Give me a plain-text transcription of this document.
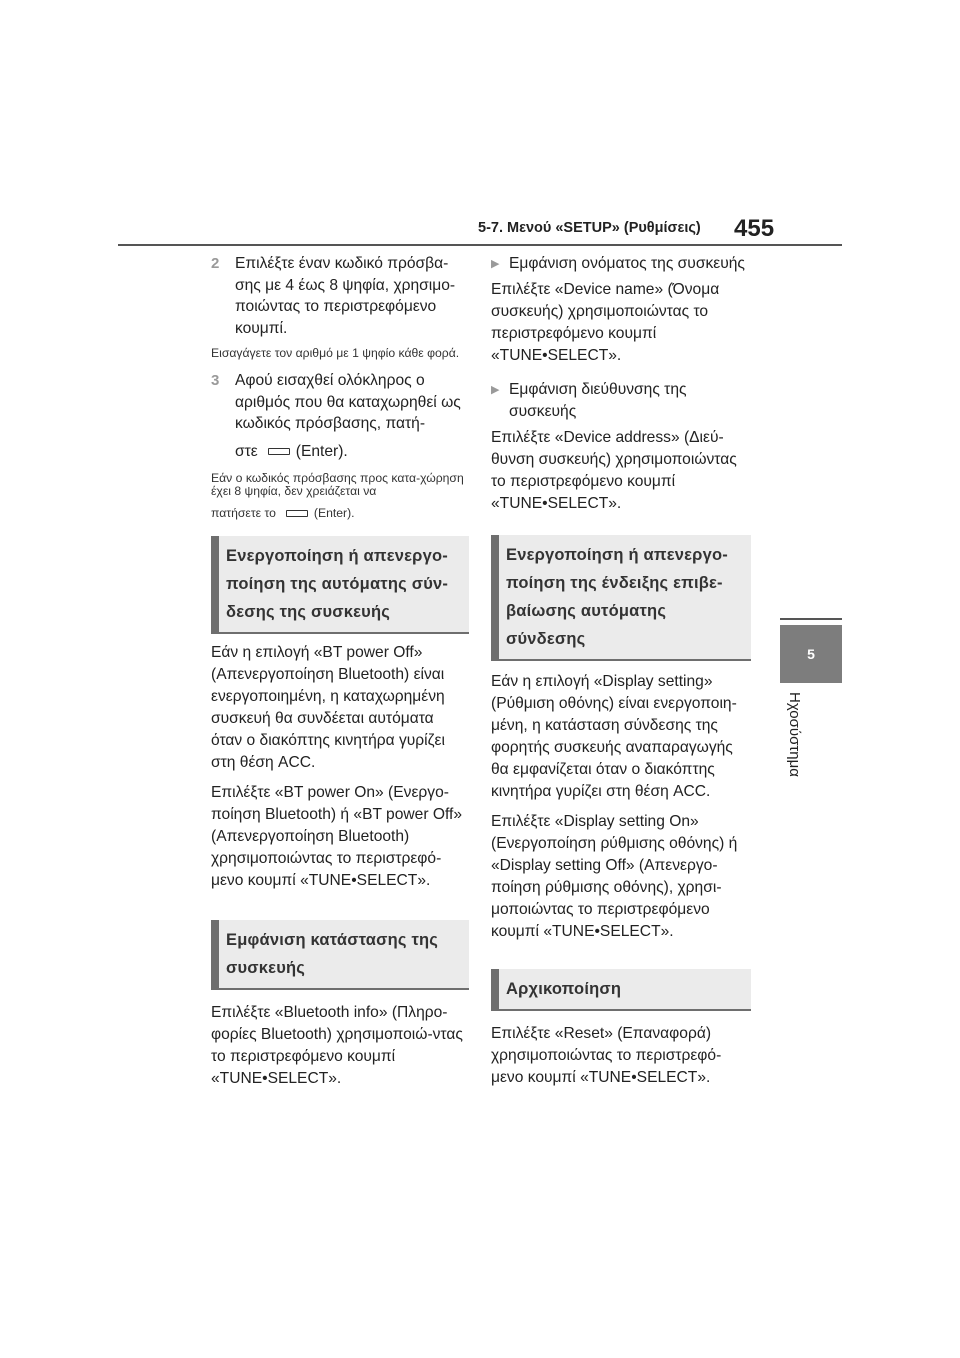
5-7. Μενού «SETUP» (Ρυθμίσεις) 455
5
Ηχοσύστημα
2	Επιλέξτε έναν κωδικό πρόσβα-σης με 4 έως 8 ψηφία, χρησιμο-ποιώντας το περιστρεφόμενο κουμπί.
Εισαγάγετε τον αριθμό με 1 ψηφίο κάθε φορά.
3	Αφού εισαχθεί ολόκληρος ο αριθμός που θα καταχωρηθεί ως κωδικός πρόσβασης, πατή-
στε (Enter).
Εάν ο κωδικός πρόσβασης προς κατα-χώρηση έχει 8 ψηφία, δεν χρειάζεται να
πατήσετε το	(Enter).
Ενεργοποίηση ή απενεργο-ποίηση της αυτόματης σύν-δεσης της συσκευής

Εάν η επιλογή «BT power Off» (Απενεργοποίηση Bluetooth) είναι ενεργοποιημένη, η καταχωρημένη συσκευή θα συνδέεται αυτόματα όταν ο διακόπτης κινητήρα γυρίζει στη θέση ACC.

Επιλέξτε «BT power On» (Ενεργο-ποίηση Bluetooth) ή «BT power Off» (Απενεργοποίηση Bluetooth) χρησιμοποιώντας το περιστρεφό-μενο κουμπί «TUNE•SELECT».

Εμφάνιση κατάστασης της συσκευής

Επιλέξτε «Bluetooth info» (Πληρο-φορίες Bluetooth) χρησιμοποιώ-ντας το περιστρεφόμενο κουμπί «TUNE•SELECT».

▶ Εμφάνιση ονόματος της συσκευής

Επιλέξτε «Device name» (Όνομα συσκευής) χρησιμοποιώντας το περιστρεφόμενο κουμπί «TUNE•SELECT».

▶ Εμφάνιση διεύθυνσης της συσκευής

Επιλέξτε «Device address» (Διεύ-θυνση συσκευής) χρησιμοποιώντας το περιστρεφόμενο κουμπί «TUNE•SELECT».

Ενεργοποίηση ή απενεργο-ποίηση της ένδειξης επιβε-βαίωσης αυτόματης σύνδεσης

Εάν η επιλογή «Display setting» (Ρύθμιση οθόνης) είναι ενεργοποιη-μένη, η κατάσταση σύνδεσης της φορητής συσκευής αναπαραγωγής θα εμφανίζεται όταν ο διακόπτης κινητήρα γυρίζει στη θέση ACC.

Επιλέξτε «Display setting On» (Ενεργοποίηση ρύθμισης οθόνης) ή «Display setting Off» (Απενεργο-ποίηση ρύθμισης οθόνης), χρησι-μοποιώντας το περιστρεφόμενο κουμπί «TUNE•SELECT».

Αρχικοποίηση

Επιλέξτε «Reset» (Επαναφορά) χρησιμοποιώντας το περιστρεφό-μενο κουμπί «TUNE•SELECT».
